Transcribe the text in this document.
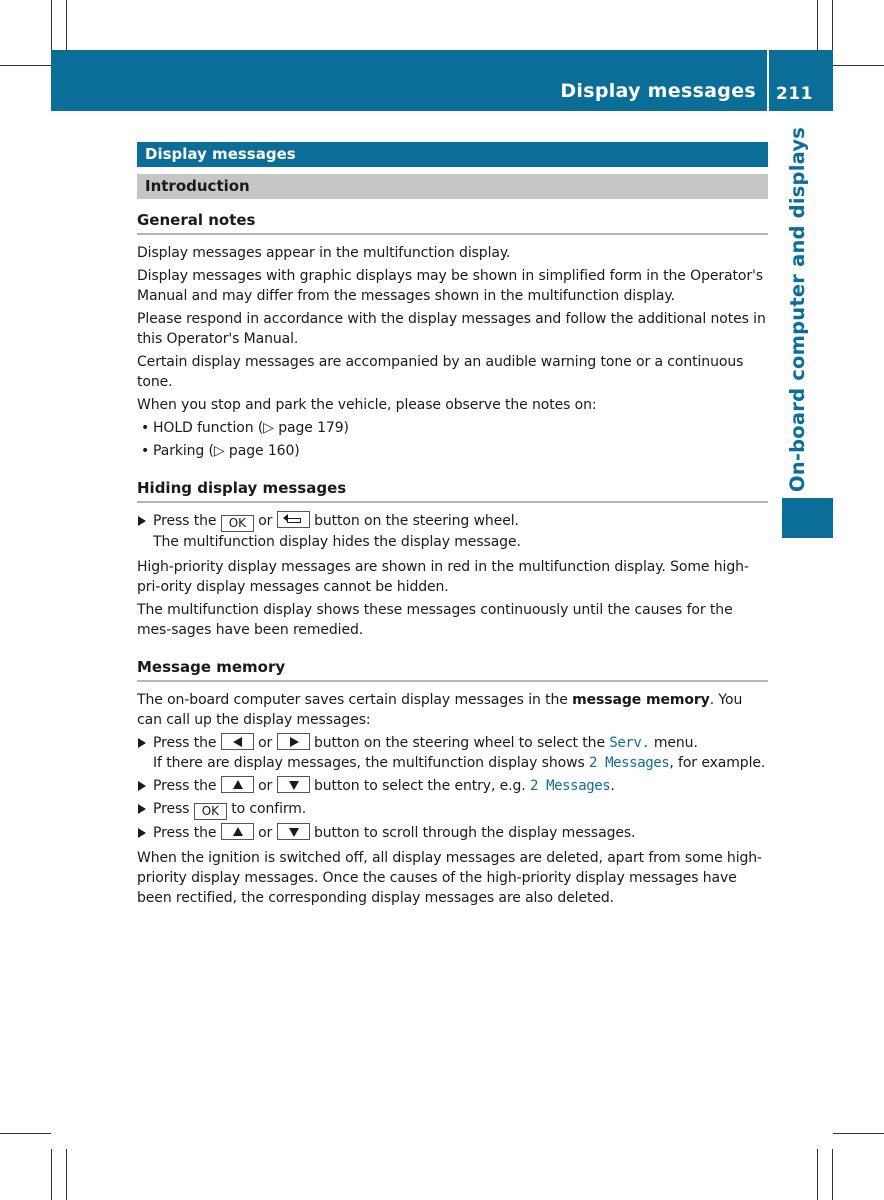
Display messages 211
On-board computer and displays
Display messages
Introduction
General notes

Display messages appear in the multifunction display.

Display messages with graphic displays may be shown in simplified form in the Operator's Manual and may differ from the messages shown in the multifunction display.

Please respond in accordance with the display messages and follow the additional notes in this Operator's Manual.

Certain display messages are accompanied by an audible warning tone or a continuous tone.

When you stop and park the vehicle, please observe the notes on:

• HOLD function (▷ page 179)
• Parking (▷ page 160)
Hiding display messages
Press the OK or	button on the steering wheel.
The multifunction display hides the display message.

High-priority display messages are shown in red in the multifunction display. Some high-pri-ority display messages cannot be hidden.

The multifunction display shows these messages continuously until the causes for the mes-sages have been remedied.

Message memory

The on-board computer saves certain display messages in the message memory. You can call up the display messages:

Press the	or	button on the steering wheel to select the Serv. menu.
If there are display messages, the multifunction display shows 2 Messages, for example.
Press the	or	button to select the entry, e.g. 2 Messages.
Press OK to confirm.
Press the	or	button to scroll through the display messages.

When the ignition is switched off, all display messages are deleted, apart from some high-priority display messages. Once the causes of the high-priority display messages have been rectified, the corresponding display messages are also deleted.
